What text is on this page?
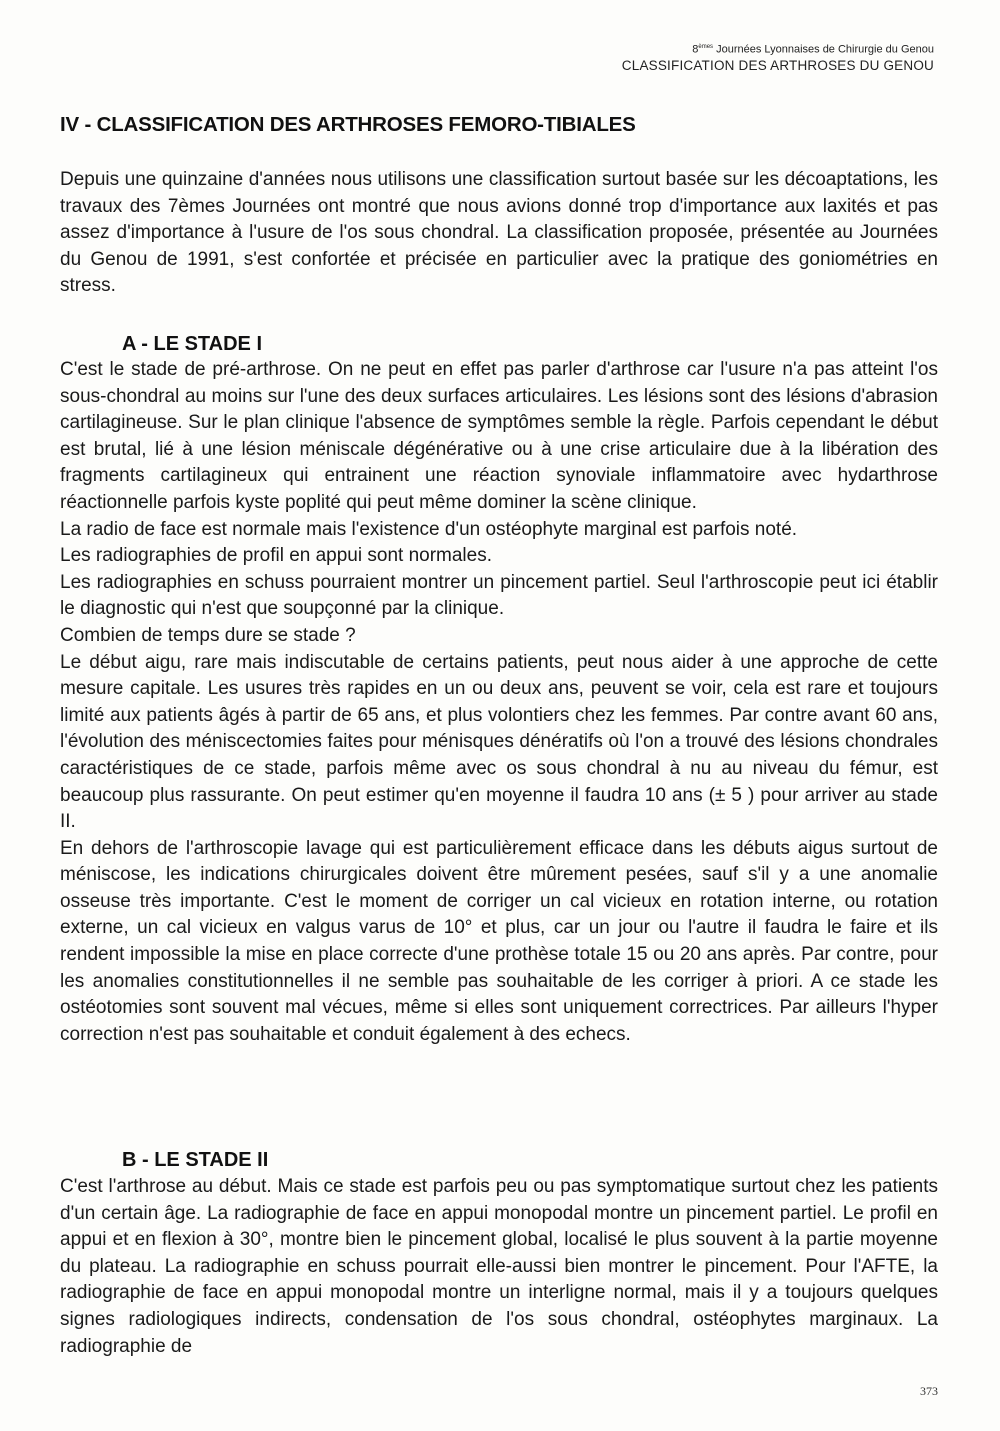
8èmes Journées Lyonnaises de Chirurgie du Genou
CLASSIFICATION DES ARTHROSES DU GENOU
IV - CLASSIFICATION DES ARTHROSES FEMORO-TIBIALES

Depuis une quinzaine d'années nous utilisons une classification surtout basée sur les décoaptations, les travaux des 7èmes Journées ont montré que nous avions donné trop d'importance aux laxités et pas assez d'importance à l'usure de l'os sous chondral. La classification proposée, présentée au Journées du Genou de 1991, s'est confortée et précisée en particulier avec la pratique des goniométries en stress.

A - LE STADE I
C'est le stade de pré-arthrose. On ne peut en effet pas parler d'arthrose car l'usure n'a pas atteint l'os sous-chondral au moins sur l'une des deux surfaces articulaires. Les lésions sont des lésions d'abrasion cartilagineuse. Sur le plan clinique l'absence de symptômes semble la règle. Parfois cependant le début est brutal, lié à une lésion méniscale dégénérative ou à une crise articulaire due à la libération des fragments cartilagineux qui entrainent une réaction synoviale inflammatoire avec hydarthrose réactionnelle parfois kyste poplité qui peut même dominer la scène clinique.
La radio de face est normale mais l'existence d'un ostéophyte marginal est parfois noté.
Les radiographies de profil en appui sont normales.
Les radiographies en schuss pourraient montrer un pincement partiel. Seul l'arthroscopie peut ici établir le diagnostic qui n'est que soupçonné par la clinique.
Combien de temps dure se stade ?
Le début aigu, rare mais indiscutable de certains patients, peut nous aider à une approche de cette mesure capitale. Les usures très rapides en un ou deux ans, peuvent se voir, cela est rare et toujours limité aux patients âgés à partir de 65 ans, et plus volontiers chez les femmes. Par contre avant 60 ans, l'évolution des méniscectomies faites pour ménisques dénératifs où l'on a trouvé des lésions chondrales caractéristiques de ce stade, parfois même avec os sous chondral à nu au niveau du fémur, est beaucoup plus rassurante. On peut estimer qu'en moyenne il faudra 10 ans (± 5 ) pour arriver au stade II.
En dehors de l'arthroscopie lavage qui est particulièrement efficace dans les débuts aigus surtout de méniscose, les indications chirurgicales doivent être mûrement pesées, sauf s'il y a une anomalie osseuse très importante. C'est le moment de corriger un cal vicieux en rotation interne, ou rotation externe, un cal vicieux en valgus varus de 10° et plus, car un jour ou l'autre il faudra le faire et ils rendent impossible la mise en place correcte d'une prothèse totale 15 ou 20 ans après. Par contre, pour les anomalies constitutionnelles il ne semble pas souhaitable de les corriger à priori. A ce stade les ostéotomies sont souvent mal vécues, même si elles sont uniquement correctrices. Par ailleurs l'hyper correction n'est pas souhaitable et conduit également à des echecs.
B - LE STADE II
C'est l'arthrose au début. Mais ce stade est parfois peu ou pas symptomatique surtout chez les patients d'un certain âge. La radiographie de face en appui monopodal montre un pincement partiel. Le profil en appui et en flexion à 30°, montre bien le pincement global, localisé le plus souvent à la partie moyenne du plateau. La radiographie en schuss pourrait elle-aussi bien montrer le pincement. Pour l'AFTE, la radiographie de face en appui monopodal montre un interligne normal, mais il y a toujours quelques signes radiologiques indirects, condensation de l'os sous chondral, ostéophytes marginaux. La radiographie de
373
